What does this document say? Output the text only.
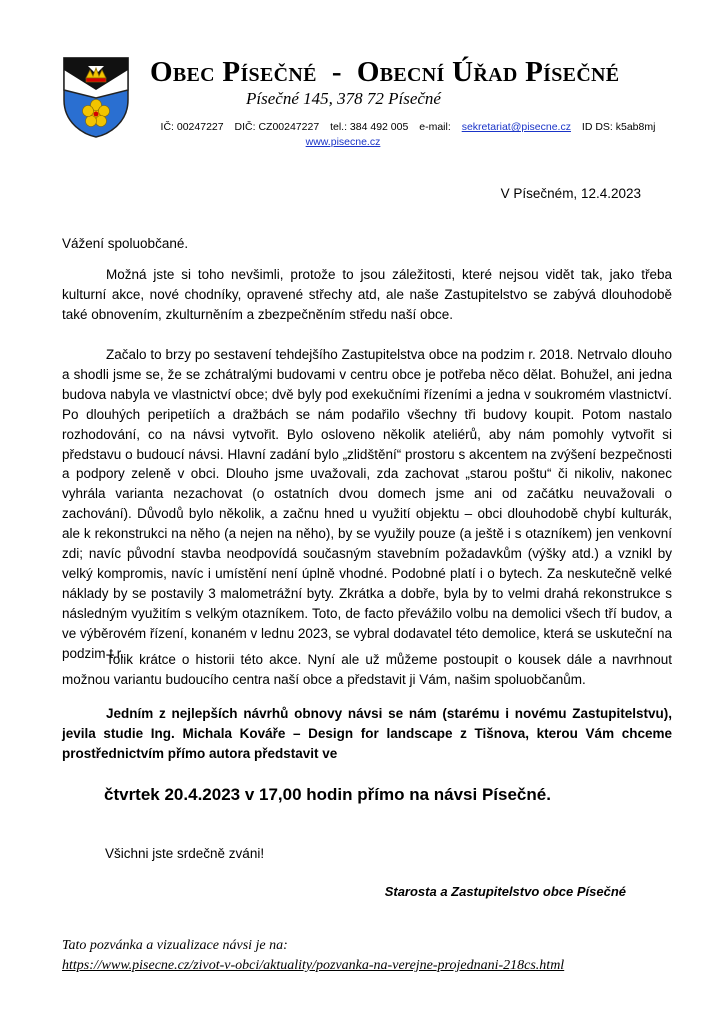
Obec Písečné  -  Obecní Úřad Písečné
Písečné 145, 378 72 Písečné
IČ: 00247227 DIČ: CZ00247227 tel.: 384 492 005 e-mail: sekretariat@pisecne.cz ID DS: k5ab8mj
www.pisecne.cz
V Písečném, 12.4.2023
Vážení spoluobčané.

Možná jste si toho nevšimli, protože to jsou záležitosti, které nejsou vidět tak, jako třeba kulturní akce, nové chodníky, opravené střechy atd, ale naše Zastupitelstvo se zabývá dlouhodobě také obnovením, zkulturněním a zbezpečněním středu naší obce.

Začalo to brzy po sestavení tehdejšího Zastupitelstva obce na podzim r. 2018. Netrvalo dlouho a shodli jsme se, že se zchátralými budovami v centru obce je potřeba něco dělat. Bohužel, ani jedna budova nabyla ve vlastnictví obce; dvě byly pod exekučními řízeními a jedna v soukromém vlastnictví. Po dlouhých peripetiích a dražbách se nám podařilo všechny tři budovy koupit. Potom nastalo rozhodování, co na návsi vytvořit. Bylo osloveno několik ateliérů, aby nám pomohly vytvořit si představu o budoucí návsi. Hlavní zadání bylo „zlidštění“ prostoru s akcentem na zvýšení bezpečnosti a podpory zeleně v obci. Dlouho jsme uvažovali, zda zachovat „starou poštu“ či nikoliv, nakonec vyhrála varianta nezachovat (o ostatních dvou domech jsme ani od začátku neuvažovali o zachování). Důvodů bylo několik, a začnu hned u využití objektu – obci dlouhodobě chybí kulturák, ale k rekonstrukci na něho (a nejen na něho), by se využily pouze (a ještě i s otazníkem) jen venkovní zdi; navíc původní stavba neodpovídá současným stavebním požadavkům (výšky atd.) a vznikl by velký kompromis, navíc i umístění není úplně vhodné. Podobné platí i o bytech. Za neskutečně velké náklady by se postavily 3 malometrážní byty. Zkrátka a dobře, byla by to velmi drahá rekonstrukce s následným využitím s velkým otazníkem. Toto, de facto převážilo volbu na demolici všech tří budov, a ve výběrovém řízení, konaném v lednu 2023, se vybral dodavatel této demolice, která se uskuteční na podzim t.r.

Tolik krátce o historii této akce. Nyní ale už můžeme postoupit o kousek dále a navrhnout možnou variantu budoucího centra naší obce a představit ji Vám, našim spoluobčanům.

Jedním z nejlepších návrhů obnovy návsi se nám (starému i novému Zastupitelstvu), jevila studie Ing. Michala Kováře – Design for landscape z Tišnova, kterou Vám chceme prostřednictvím přímo autora představit ve

čtvrtek 20.4.2023 v 17,00 hodin přímo na návsi Písečné.
Všichni jste srdečně zváni!
Starosta a Zastupitelstvo obce Písečné
Tato pozvánka a vizualizace návsi je na:
https://www.pisecne.cz/zivot-v-obci/aktuality/pozvanka-na-verejne-projednani-218cs.html
